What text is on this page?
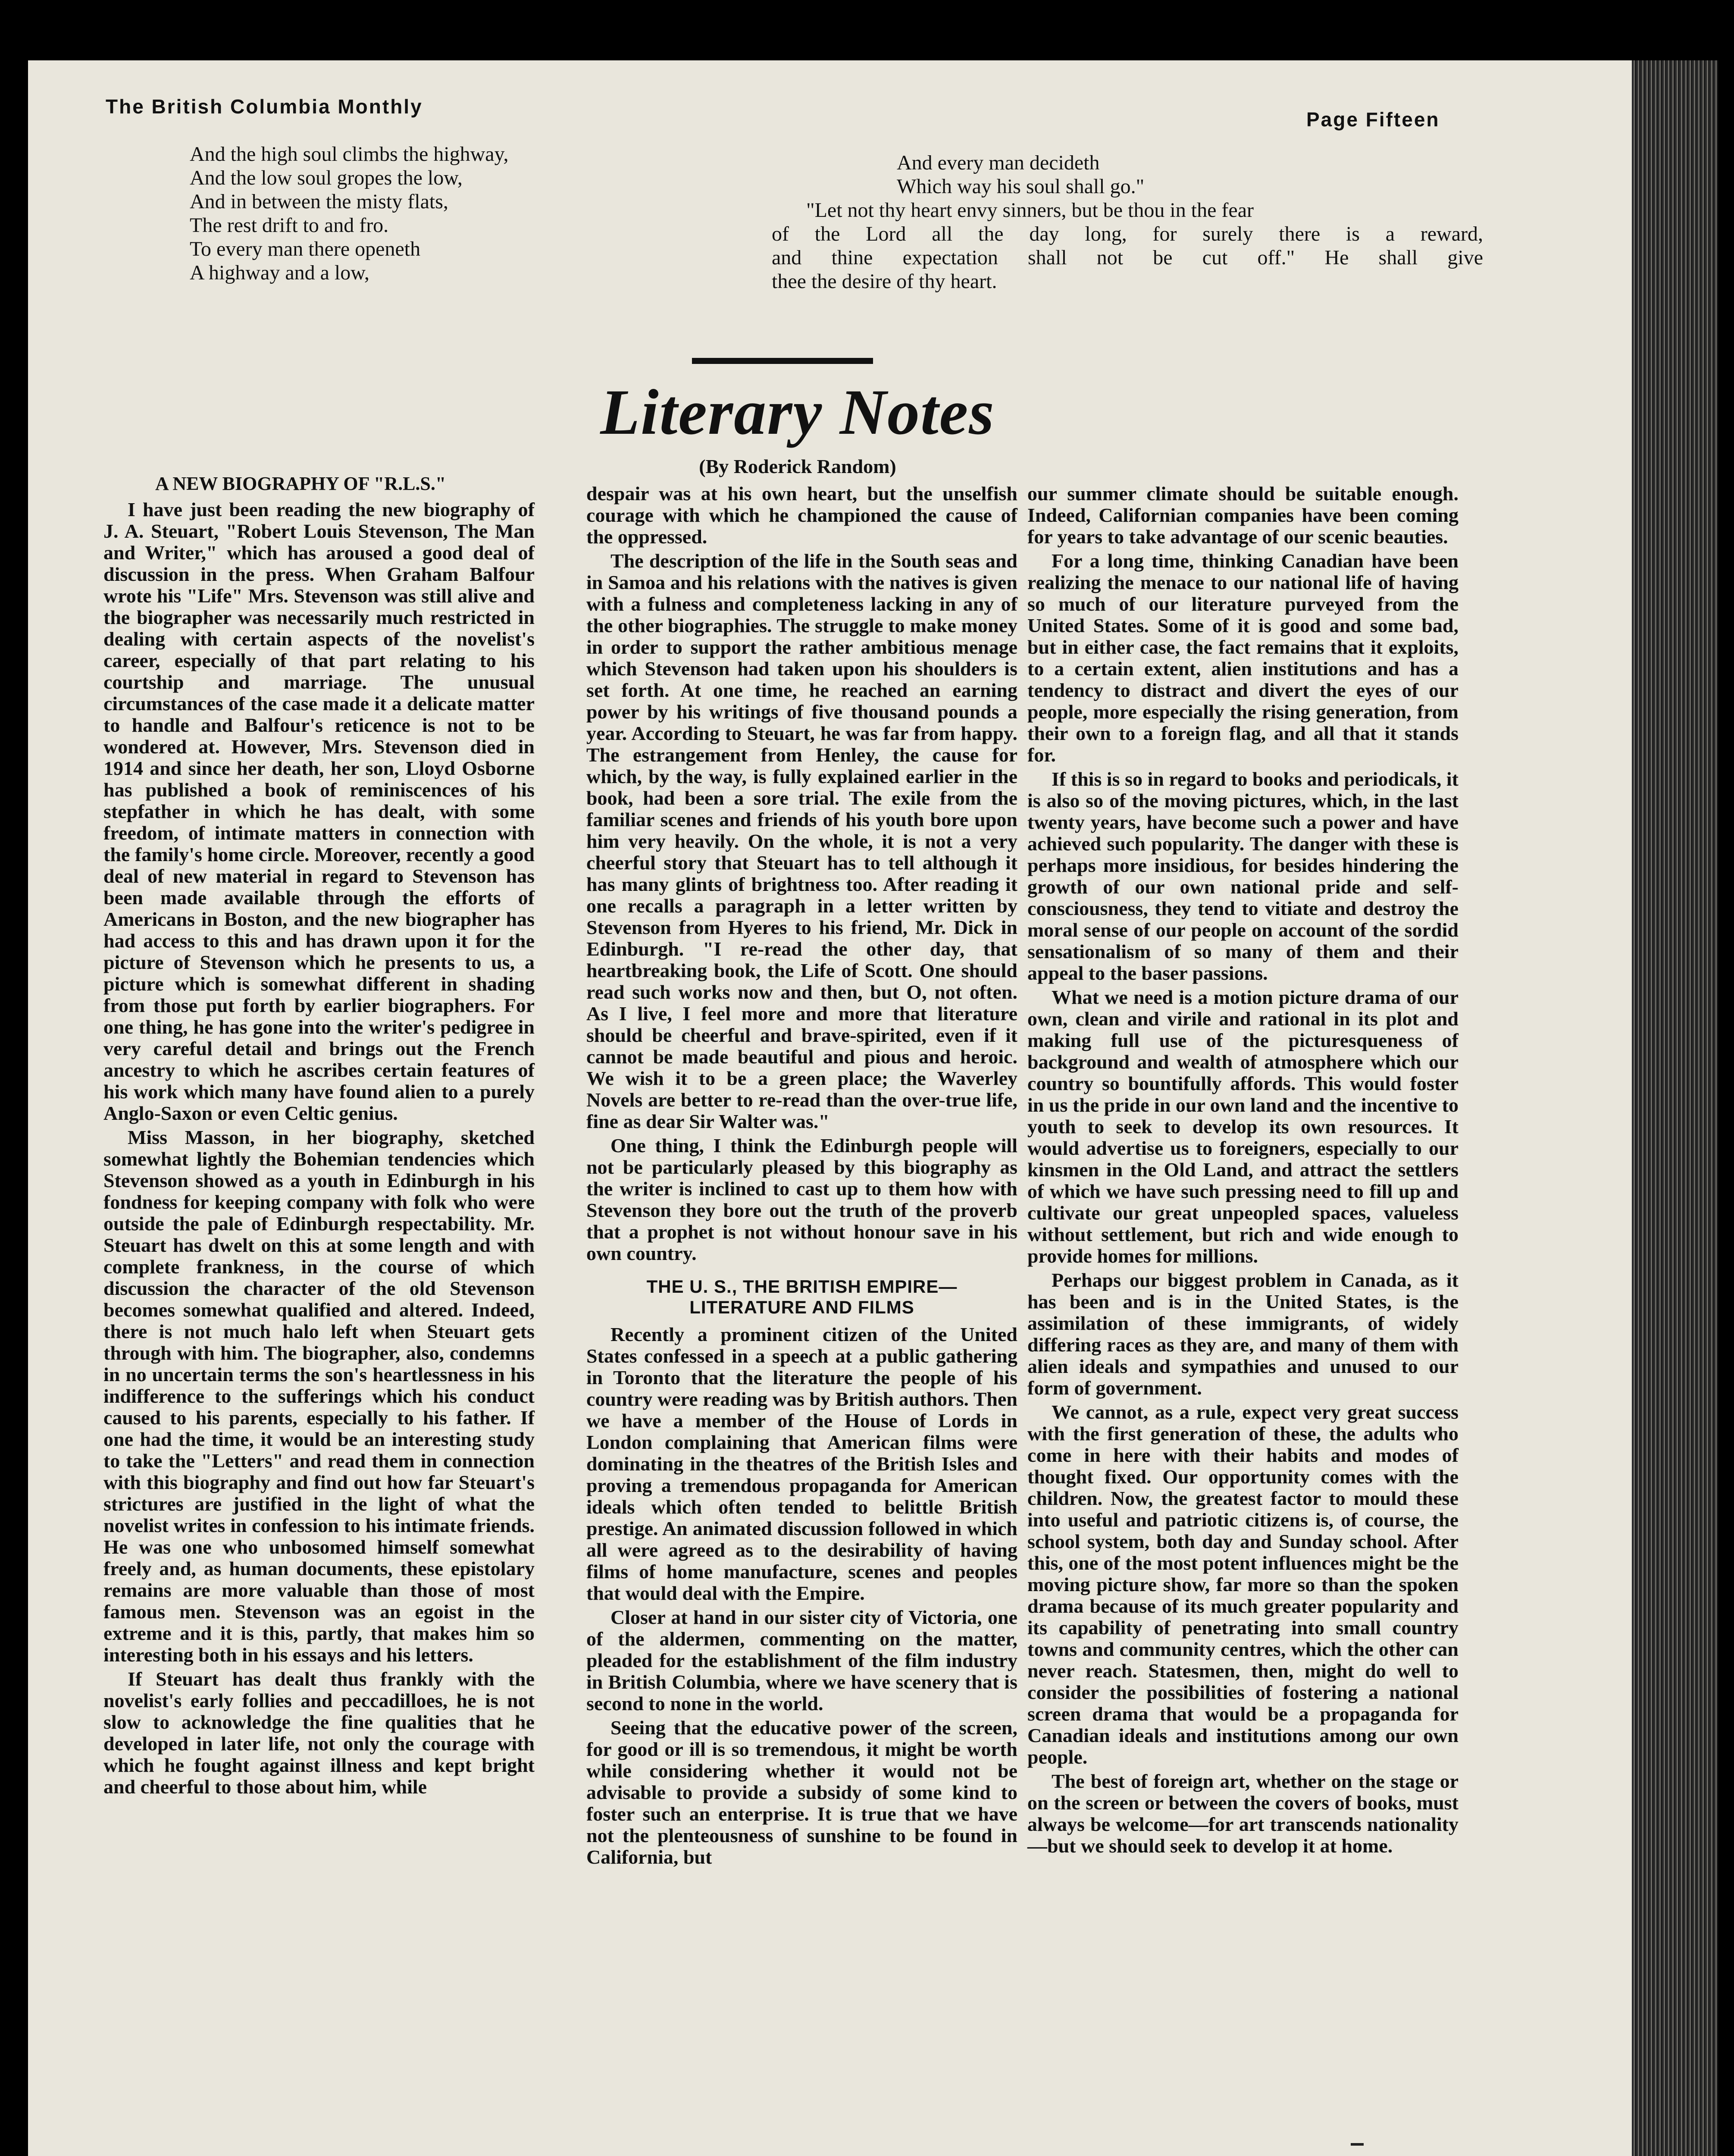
The British Columbia Monthly
Page Fifteen
And the high soul climbs the highway,
And the low soul gropes the low,
And in between the misty flats,
The rest drift to and fro.
To every man there openeth
A highway and a low,
And every man decideth
Which way his soul shall go."
"Let not thy heart envy sinners, but be thou in the fear
of the Lord all the day long, for surely there is a reward,
and thine expectation shall not be cut off." He shall give
thee the desire of thy heart.
Literary Notes
(By Roderick Random)

A NEW BIOGRAPHY OF "R.L.S."

I have just been reading the new biography of J. A. Steuart, "Robert Louis Stevenson, The Man and Writer," which has aroused a good deal of discussion in the press. When Graham Balfour wrote his "Life" Mrs. Stevenson was still alive and the biographer was necessarily much restricted in dealing with certain aspects of the novelist's career, especially of that part relating to his courtship and marriage. The unusual circumstances of the case made it a delicate matter to handle and Balfour's reticence is not to be wondered at. However, Mrs. Stevenson died in 1914 and since her death, her son, Lloyd Osborne has published a book of reminiscences of his stepfather in which he has dealt, with some freedom, of intimate matters in connection with the family's home circle. Moreover, recently a good deal of new material in regard to Stevenson has been made available through the efforts of Americans in Boston, and the new biographer has had access to this and has drawn upon it for the picture of Stevenson which he presents to us, a picture which is somewhat different in shading from those put forth by earlier biographers. For one thing, he has gone into the writer's pedigree in very careful detail and brings out the French ancestry to which he ascribes certain features of his work which many have found alien to a purely Anglo-Saxon or even Celtic genius.

Miss Masson, in her biography, sketched somewhat lightly the Bohemian tendencies which Stevenson showed as a youth in Edinburgh in his fondness for keeping company with folk who were outside the pale of Edinburgh respectability. Mr. Steuart has dwelt on this at some length and with complete frankness, in the course of which discussion the character of the old Stevenson becomes somewhat qualified and altered. Indeed, there is not much halo left when Steuart gets through with him. The biographer, also, condemns in no uncertain terms the son's heartlessness in his indifference to the sufferings which his conduct caused to his parents, especially to his father. If one had the time, it would be an interesting study to take the "Letters" and read them in connection with this biography and find out how far Steuart's strictures are justified in the light of what the novelist writes in confession to his intimate friends. He was one who unbosomed himself somewhat freely and, as human documents, these epistolary remains are more valuable than those of most famous men. Stevenson was an egoist in the extreme and it is this, partly, that makes him so interesting both in his essays and his letters.

If Steuart has dealt thus frankly with the novelist's early follies and peccadilloes, he is not slow to acknowledge the fine qualities that he developed in later life, not only the courage with which he fought against illness and kept bright and cheerful to those about him, while

despair was at his own heart, but the unselfish courage with which he championed the cause of the oppressed.

The description of the life in the South seas and in Samoa and his relations with the natives is given with a fulness and completeness lacking in any of the other biographies. The struggle to make money in order to support the rather ambitious menage which Stevenson had taken upon his shoulders is set forth. At one time, he reached an earning power by his writings of five thousand pounds a year. According to Steuart, he was far from happy. The estrangement from Henley, the cause for which, by the way, is fully explained earlier in the book, had been a sore trial. The exile from the familiar scenes and friends of his youth bore upon him very heavily. On the whole, it is not a very cheerful story that Steuart has to tell although it has many glints of brightness too. After reading it one recalls a paragraph in a letter written by Stevenson from Hyeres to his friend, Mr. Dick in Edinburgh. "I re-read the other day, that heartbreaking book, the Life of Scott. One should read such works now and then, but O, not often. As I live, I feel more and more that literature should be cheerful and brave-spirited, even if it cannot be made beautiful and pious and heroic. We wish it to be a green place; the Waverley Novels are better to re-read than the over-true life, fine as dear Sir Walter was."

One thing, I think the Edinburgh people will not be particularly pleased by this biography as the writer is inclined to cast up to them how with Stevenson they bore out the truth of the proverb that a prophet is not without honour save in his own country.

THE U. S., THE BRITISH EMPIRE—
LITERATURE AND FILMS

Recently a prominent citizen of the United States confessed in a speech at a public gathering in Toronto that the literature the people of his country were reading was by British authors. Then we have a member of the House of Lords in London complaining that American films were dominating in the theatres of the British Isles and proving a tremendous propaganda for American ideals which often tended to belittle British prestige. An animated discussion followed in which all were agreed as to the desirability of having films of home manufacture, scenes and peoples that would deal with the Empire.

Closer at hand in our sister city of Victoria, one of the aldermen, commenting on the matter, pleaded for the establishment of the film industry in British Columbia, where we have scenery that is second to none in the world.

Seeing that the educative power of the screen, for good or ill is so tremendous, it might be worth while considering whether it would not be advisable to provide a subsidy of some kind to foster such an enterprise. It is true that we have not the plenteousness of sunshine to be found in California, but

our summer climate should be suitable enough. Indeed, Californian companies have been coming for years to take advantage of our scenic beauties.

For a long time, thinking Canadian have been realizing the menace to our national life of having so much of our literature purveyed from the United States. Some of it is good and some bad, but in either case, the fact remains that it exploits, to a certain extent, alien institutions and has a tendency to distract and divert the eyes of our people, more especially the rising generation, from their own to a foreign flag, and all that it stands for.

If this is so in regard to books and periodicals, it is also so of the moving pictures, which, in the last twenty years, have become such a power and have achieved such popularity. The danger with these is perhaps more insidious, for besides hindering the growth of our own national pride and self-consciousness, they tend to vitiate and destroy the moral sense of our people on account of the sordid sensationalism of so many of them and their appeal to the baser passions.

What we need is a motion picture drama of our own, clean and virile and rational in its plot and making full use of the picturesqueness of background and wealth of atmosphere which our country so bountifully affords. This would foster in us the pride in our own land and the incentive to youth to seek to develop its own resources. It would advertise us to foreigners, especially to our kinsmen in the Old Land, and attract the settlers of which we have such pressing need to fill up and cultivate our great unpeopled spaces, valueless without settlement, but rich and wide enough to provide homes for millions.

Perhaps our biggest problem in Canada, as it has been and is in the United States, is the assimilation of these immigrants, of widely differing races as they are, and many of them with alien ideals and sympathies and unused to our form of government.

We cannot, as a rule, expect very great success with the first generation of these, the adults who come in here with their habits and modes of thought fixed. Our opportunity comes with the children. Now, the greatest factor to mould these into useful and patriotic citizens is, of course, the school system, both day and Sunday school. After this, one of the most potent influences might be the moving picture show, far more so than the spoken drama because of its much greater popularity and its capability of penetrating into small country towns and community centres, which the other can never reach. Statesmen, then, might do well to consider the possibilities of fostering a national screen drama that would be a propaganda for Canadian ideals and institutions among our own people.

The best of foreign art, whether on the stage or on the screen or between the covers of books, must always be welcome—for art transcends nationality—but we should seek to develop it at home.
